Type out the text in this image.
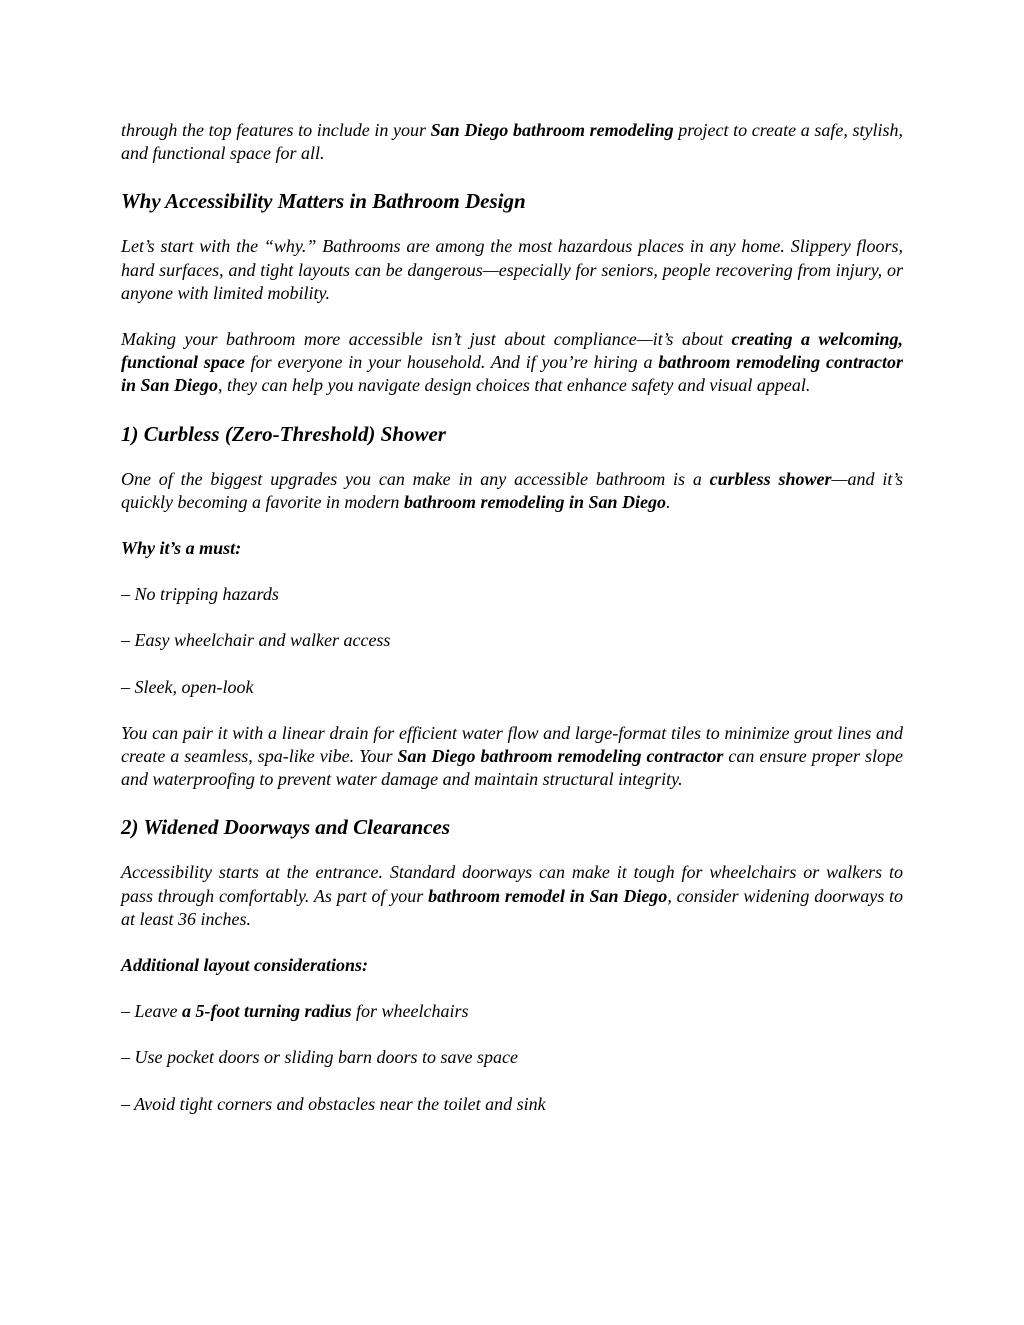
through the top features to include in your San Diego bathroom remodeling project to create a safe, stylish, and functional space for all.

Why Accessibility Matters in Bathroom Design

Let’s start with the “why.” Bathrooms are among the most hazardous places in any home. Slippery floors, hard surfaces, and tight layouts can be dangerous—especially for seniors, people recovering from injury, or anyone with limited mobility.

Making your bathroom more accessible isn’t just about compliance—it’s about creating a welcoming, functional space for everyone in your household. And if you’re hiring a bathroom remodeling contractor in San Diego, they can help you navigate design choices that enhance safety and visual appeal.

1) Curbless (Zero-Threshold) Shower

One of the biggest upgrades you can make in any accessible bathroom is a curbless shower—and it’s quickly becoming a favorite in modern bathroom remodeling in San Diego.

Why it’s a must:

– No tripping hazards

– Easy wheelchair and walker access

– Sleek, open-look

You can pair it with a linear drain for efficient water flow and large-format tiles to minimize grout lines and create a seamless, spa-like vibe. Your San Diego bathroom remodeling contractor can ensure proper slope and waterproofing to prevent water damage and maintain structural integrity.

2) Widened Doorways and Clearances

Accessibility starts at the entrance. Standard doorways can make it tough for wheelchairs or walkers to pass through comfortably. As part of your bathroom remodel in San Diego, consider widening doorways to at least 36 inches.

Additional layout considerations:

– Leave a 5-foot turning radius for wheelchairs

– Use pocket doors or sliding barn doors to save space

– Avoid tight corners and obstacles near the toilet and sink
